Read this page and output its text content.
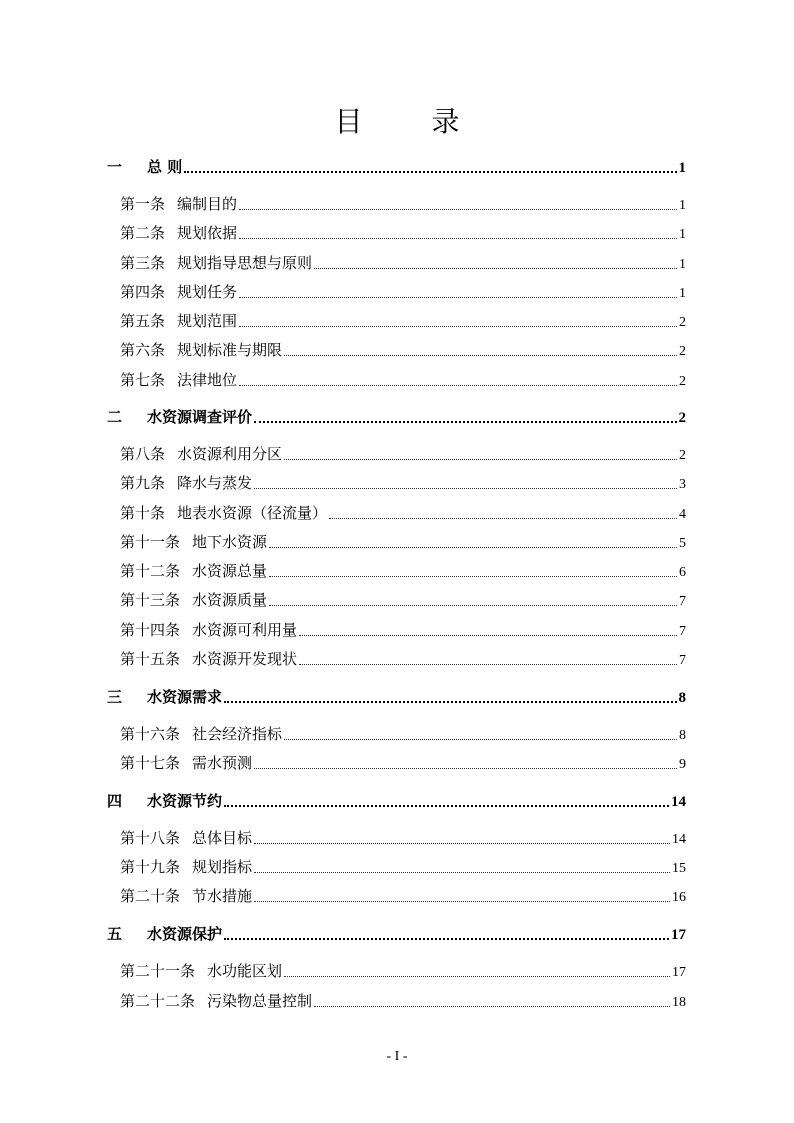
目 录
一	总 则	1
第一条 编制目的	1
第二条 规划依据	1
第三条 规划指导思想与原则	1
第四条 规划任务	1
第五条 规划范围	2
第六条 规划标准与期限	2
第七条 法律地位	2
二	水资源调查评价	2
第八条 水资源利用分区	2
第九条 降水与蒸发	3
第十条 地表水资源（径流量）	4
第十一条 地下水资源	5
第十二条 水资源总量	6
第十三条 水资源质量	7
第十四条 水资源可利用量	7
第十五条 水资源开发现状	7
三	水资源需求	8
第十六条 社会经济指标	8
第十七条 需水预测	9
四	水资源节约	14
第十八条 总体目标	14
第十九条 规划指标	15
第二十条 节水措施	16
五	水资源保护	17
第二十一条 水功能区划	17
第二十二条 污染物总量控制	18
- I -
